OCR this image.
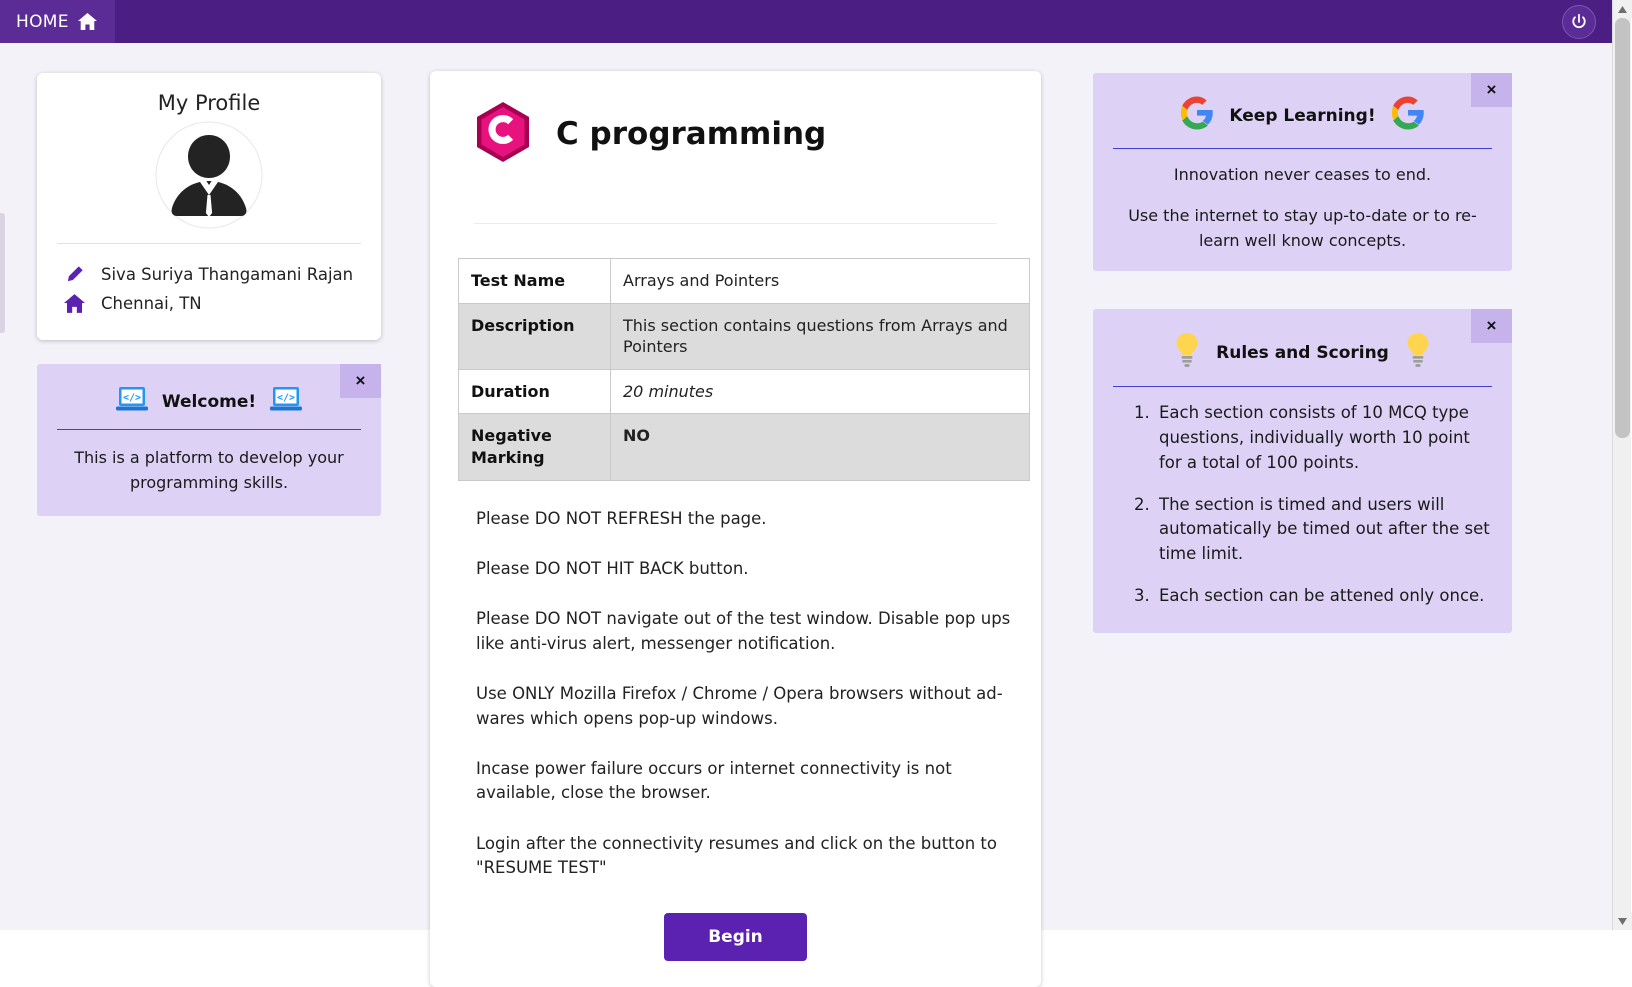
HOME
My Profile
Siva Suriya Thangamani Rajan
Chennai, TN
×
</> Welcome! </>
This is a platform to develop your programming skills.
C programming
Test Name	Arrays and Pointers
Description	This section contains questions from Arrays and Pointers
Duration	20 minutes
Negative Marking	NO

Please DO NOT REFRESH the page.

Please DO NOT HIT BACK button.

Please DO NOT navigate out of the test window. Disable pop ups like anti-virus alert, messenger notification.

Use ONLY Mozilla Firefox / Chrome / Opera browsers without ad-wares which opens pop-up windows.

Incase power failure occurs or internet connectivity is not available, close the browser.

Login after the connectivity resumes and click on the button to "RESUME TEST"

Begin
×
Keep Learning!
Innovation never ceases to end.
Use the internet to stay up-to-date or to re-learn well know concepts.
×
Rules and Scoring
1. Each section consists of 10 MCQ type questions, individually worth 10 point for a total of 100 points.
2. The section is timed and users will automatically be timed out after the set time limit.
3. Each section can be attened only once.
